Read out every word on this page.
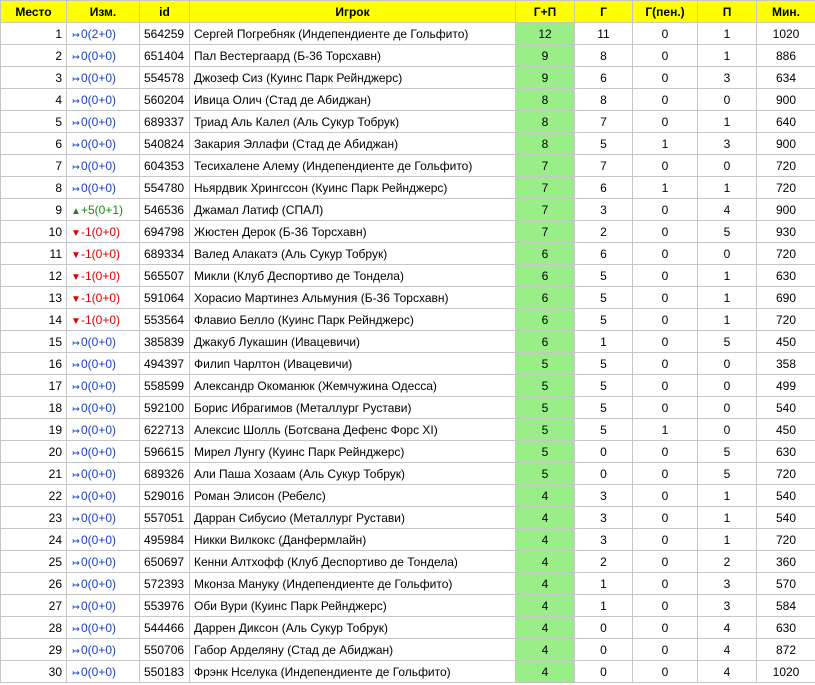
Место	Изм.	id	Игрок	Г+П	Г	Г(пен.)	П	Мин.
1	↦0(2+0)	564259	Сергей Погребняк (Индепендиенте де Гольфито)	12	11	0	1	1020
2	↦0(0+0)	651404	Пал Вестергаард (Б-36 Торсхавн)	9	8	0	1	886
3	↦0(0+0)	554578	Джозеф Сиз (Куинс Парк Рейнджерс)	9	6	0	3	634
4	↦0(0+0)	560204	Ивица Олич (Стад де Абиджан)	8	8	0	0	900
5	↦0(0+0)	689337	Триад Аль Калел (Аль Сукур Тобрук)	8	7	0	1	640
6	↦0(0+0)	540824	Закария Эллафи (Стад де Абиджан)	8	5	1	3	900
7	↦0(0+0)	604353	Тесихалене Алему (Индепендиенте де Гольфито)	7	7	0	0	720
8	↦0(0+0)	554780	Ньярдвик Хрингссон (Куинс Парк Рейнджерс)	7	6	1	1	720
9	▲+5(0+1)	546536	Джамал Латиф (СПАЛ)	7	3	0	4	900
10	▼-1(0+0)	694798	Жюстен Дерок (Б-36 Торсхавн)	7	2	0	5	930
11	▼-1(0+0)	689334	Валед Алакатэ (Аль Сукур Тобрук)	6	6	0	0	720
12	▼-1(0+0)	565507	Микли (Клуб Деспортиво де Тондела)	6	5	0	1	630
13	▼-1(0+0)	591064	Хорасио Мартинез Альмуния (Б-36 Торсхавн)	6	5	0	1	690
14	▼-1(0+0)	553564	Флавио Белло (Куинс Парк Рейнджерс)	6	5	0	1	720
15	↦0(0+0)	385839	Джакуб Лукашин (Ивацевичи)	6	1	0	5	450
16	↦0(0+0)	494397	Филип Чарлтон (Ивацевичи)	5	5	0	0	358
17	↦0(0+0)	558599	Александр Окоманюк (Жемчужина Одесса)	5	5	0	0	499
18	↦0(0+0)	592100	Борис Ибрагимов (Металлург Рустави)	5	5	0	0	540
19	↦0(0+0)	622713	Алексис Шолль (Ботсвана Дефенс Форс XI)	5	5	1	0	450
20	↦0(0+0)	596615	Мирел Лунгу (Куинс Парк Рейнджерс)	5	0	0	5	630
21	↦0(0+0)	689326	Али Паша Хозаам (Аль Сукур Тобрук)	5	0	0	5	720
22	↦0(0+0)	529016	Роман Элисон (Ребелс)	4	3	0	1	540
23	↦0(0+0)	557051	Дарран Сибусио (Металлург Рустави)	4	3	0	1	540
24	↦0(0+0)	495984	Никки Вилкокс (Данфермлайн)	4	3	0	1	720
25	↦0(0+0)	650697	Кенни Алтхофф (Клуб Деспортиво де Тондела)	4	2	0	2	360
26	↦0(0+0)	572393	Мконза Мануку (Индепендиенте де Гольфито)	4	1	0	3	570
27	↦0(0+0)	553976	Оби Вури (Куинс Парк Рейнджерс)	4	1	0	3	584
28	↦0(0+0)	544466	Даррен Диксон (Аль Сукур Тобрук)	4	0	0	4	630
29	↦0(0+0)	550706	Габор Арделяну (Стад де Абиджан)	4	0	0	4	872
30	↦0(0+0)	550183	Фрэнк Нселука (Индепендиенте де Гольфито)	4	0	0	4	1020
